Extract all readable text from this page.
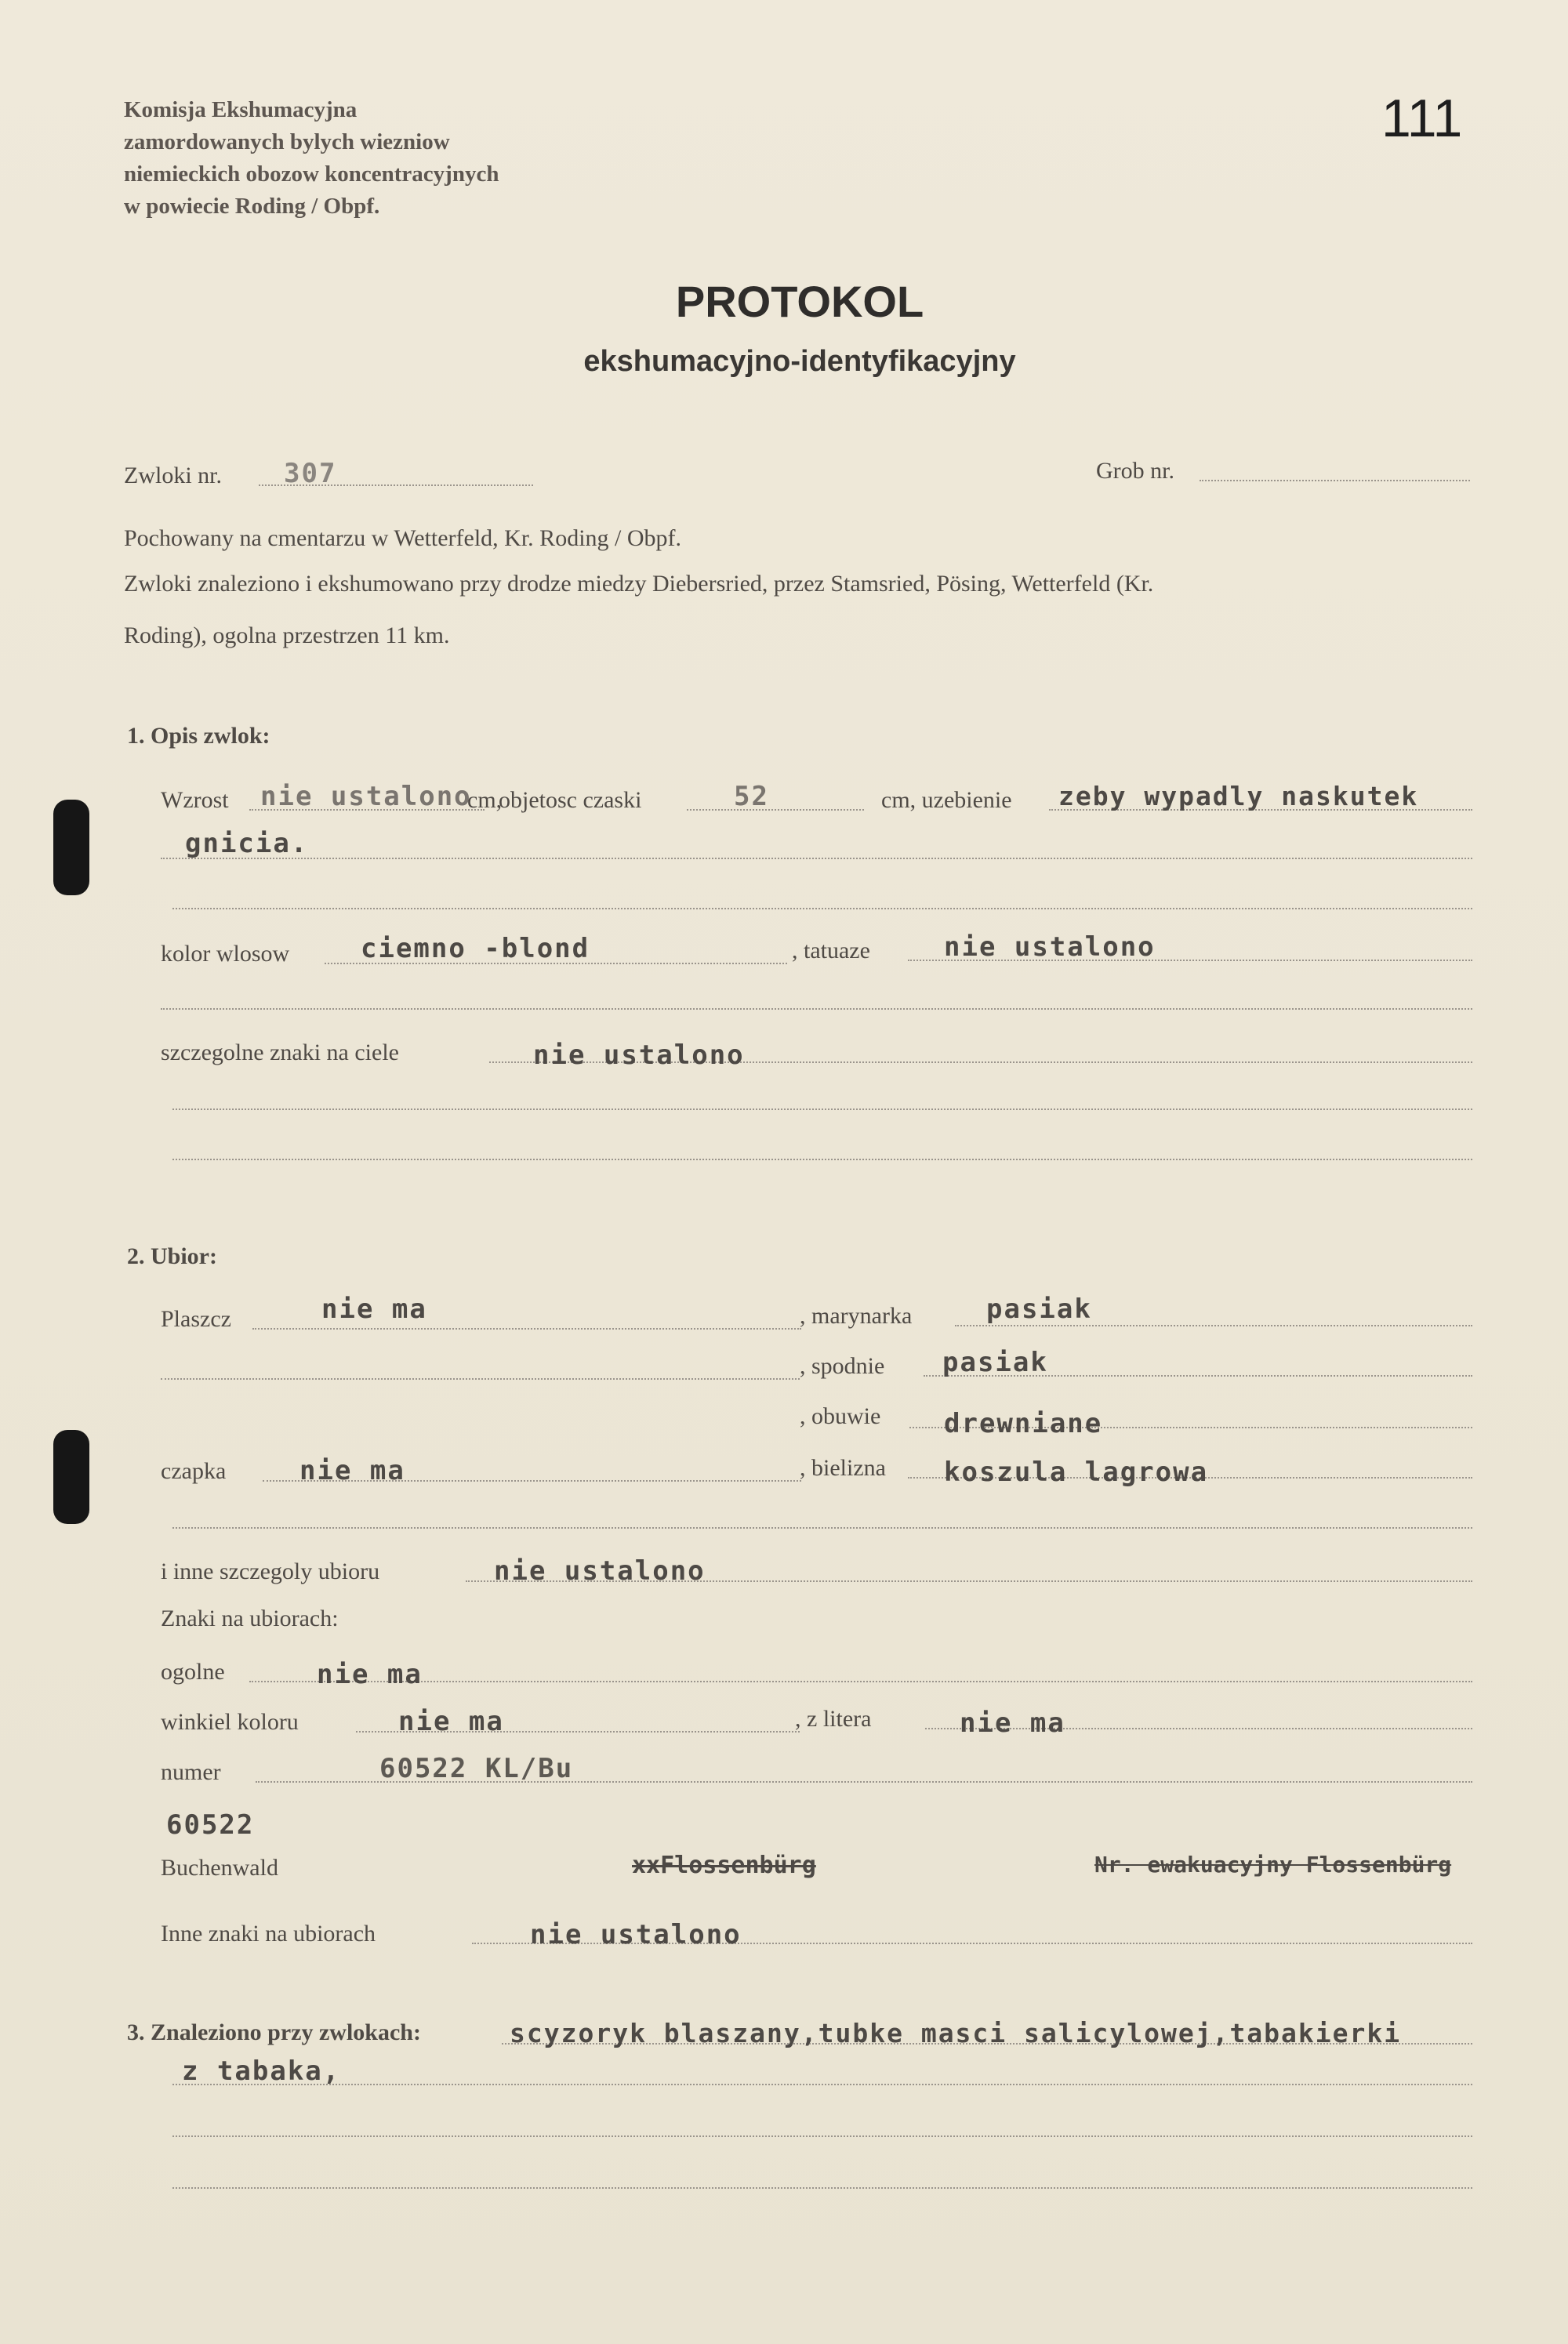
Komisja Ekshumacyjna
zamordowanych bylych wiezniow
niemieckich obozow koncentracyjnych
w powiecie Roding / Obpf.
111
PROTOKOL
ekshumacyjno-identyfikacyjny
Zwloki nr. 307	Grob nr.
Pochowany na cmentarzu w Wetterfeld, Kr. Roding / Obpf.
Zwloki znaleziono i ekshumowano przy drodze miedzy Diebersried, przez Stamsried, Pösing, Wetterfeld (Kr.
Roding), ogolna przestrzen 11 km.
1. Opis zwlok:
Wzrost nie ustalono
cm,
objetosc czaski	52	cm, uzebienie zeby wypadly naskutek
gnicia.
kolor wlosow	ciemno -blond	, tatuaze	nie ustalono
szczegolne znaki na ciele	nie ustalono
2. Ubior:
Plaszcz	nie ma	, marynarka	pasiak
, spodnie pasiak
, obuwie drewniane
czapka	nie ma	, bielizna koszula lagrowa
i inne szczegoly ubioru	nie ustalono
Znaki na ubiorach:
ogolne	nie ma
winkiel koloru	nie ma	, z litera	nie ma
numer	60522 KL/Bu
60522
Buchenwald	xxFlossenbürg	Nr. ewakuacyjny Flossenbürg
Inne znaki na ubiorach	nie ustalono
3. Znaleziono przy zwlokach:	scyzoryk blaszany,tubke masci salicylowej,tabakierki
z tabaka,
